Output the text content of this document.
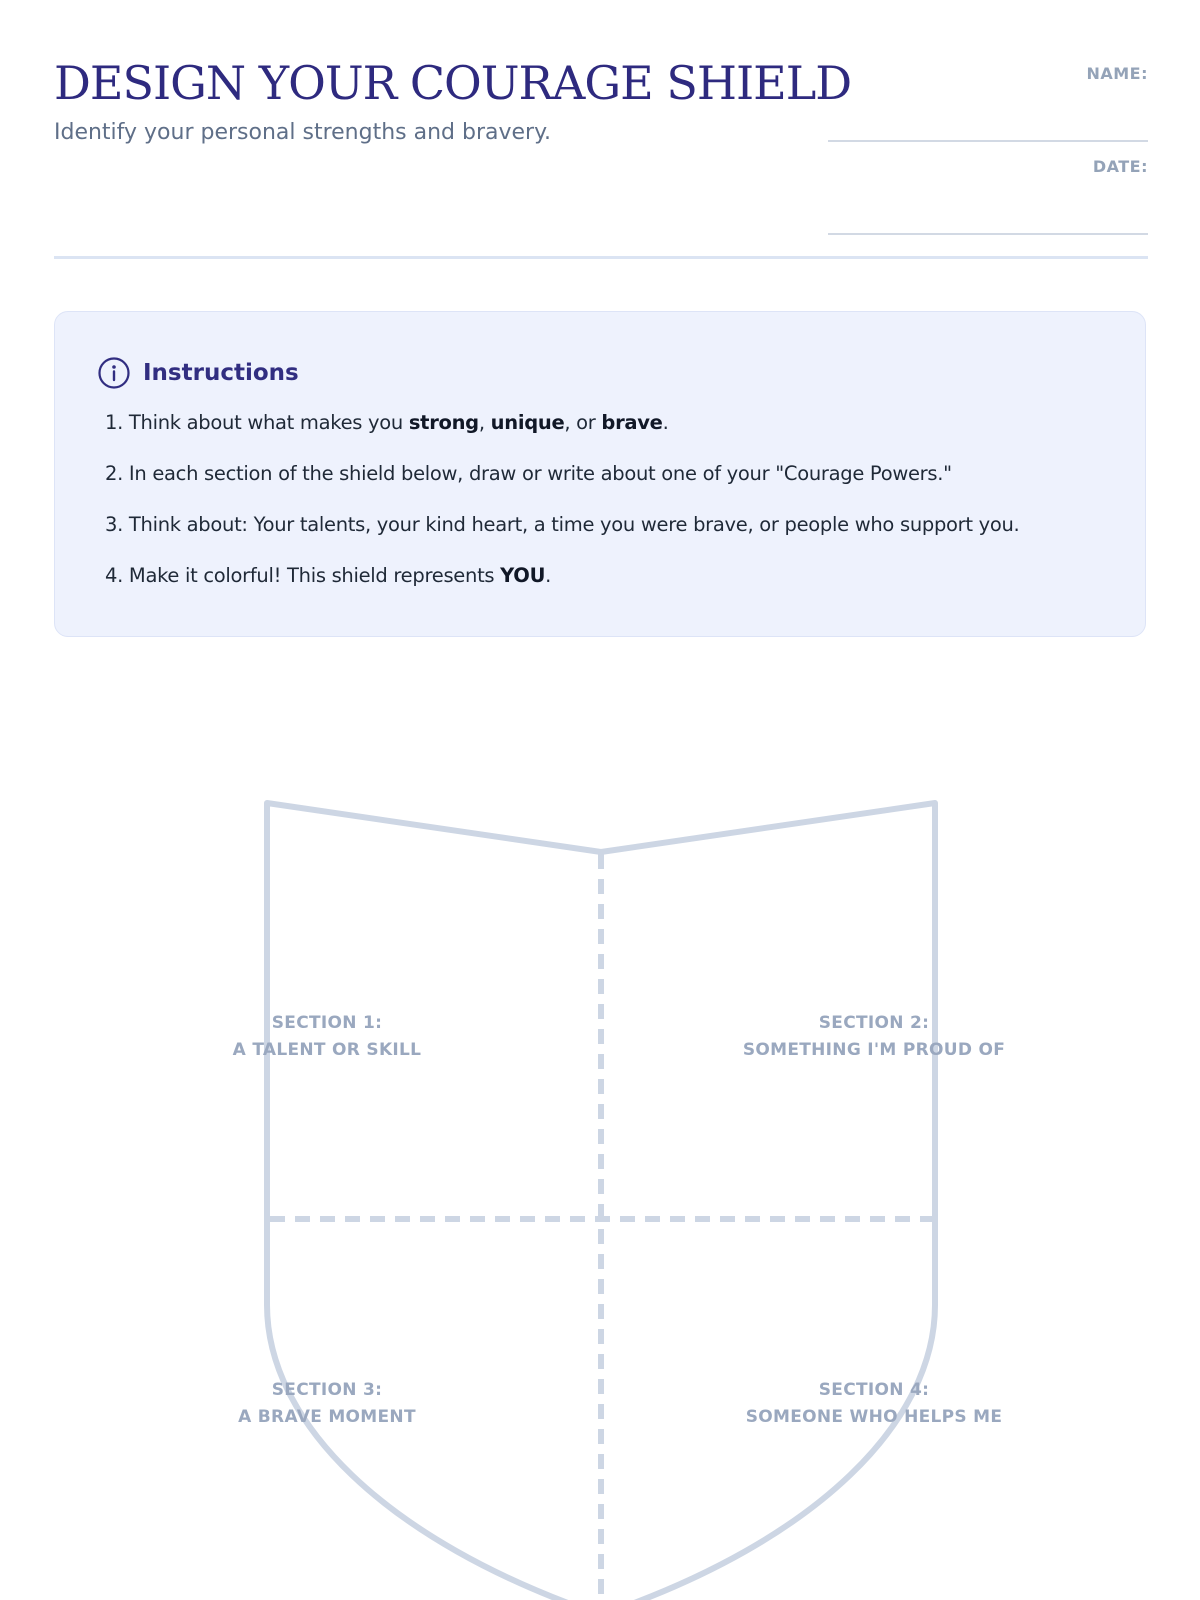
DESIGN YOUR COURAGE SHIELD

Identify your personal strengths and bravery.

NAME:
DATE:
Instructions
1. Think about what makes you strong, unique, or brave.
2. In each section of the shield below, draw or write about one of your "Courage Powers."
3. Think about: Your talents, your kind heart, a time you were brave, or people who support you.
4. Make it colorful! This shield represents YOU.
SECTION 1:
A TALENT OR SKILL
SECTION 2:
SOMETHING I'M PROUD OF
SECTION 3:
A BRAVE MOMENT
SECTION 4:
SOMEONE WHO HELPS ME
